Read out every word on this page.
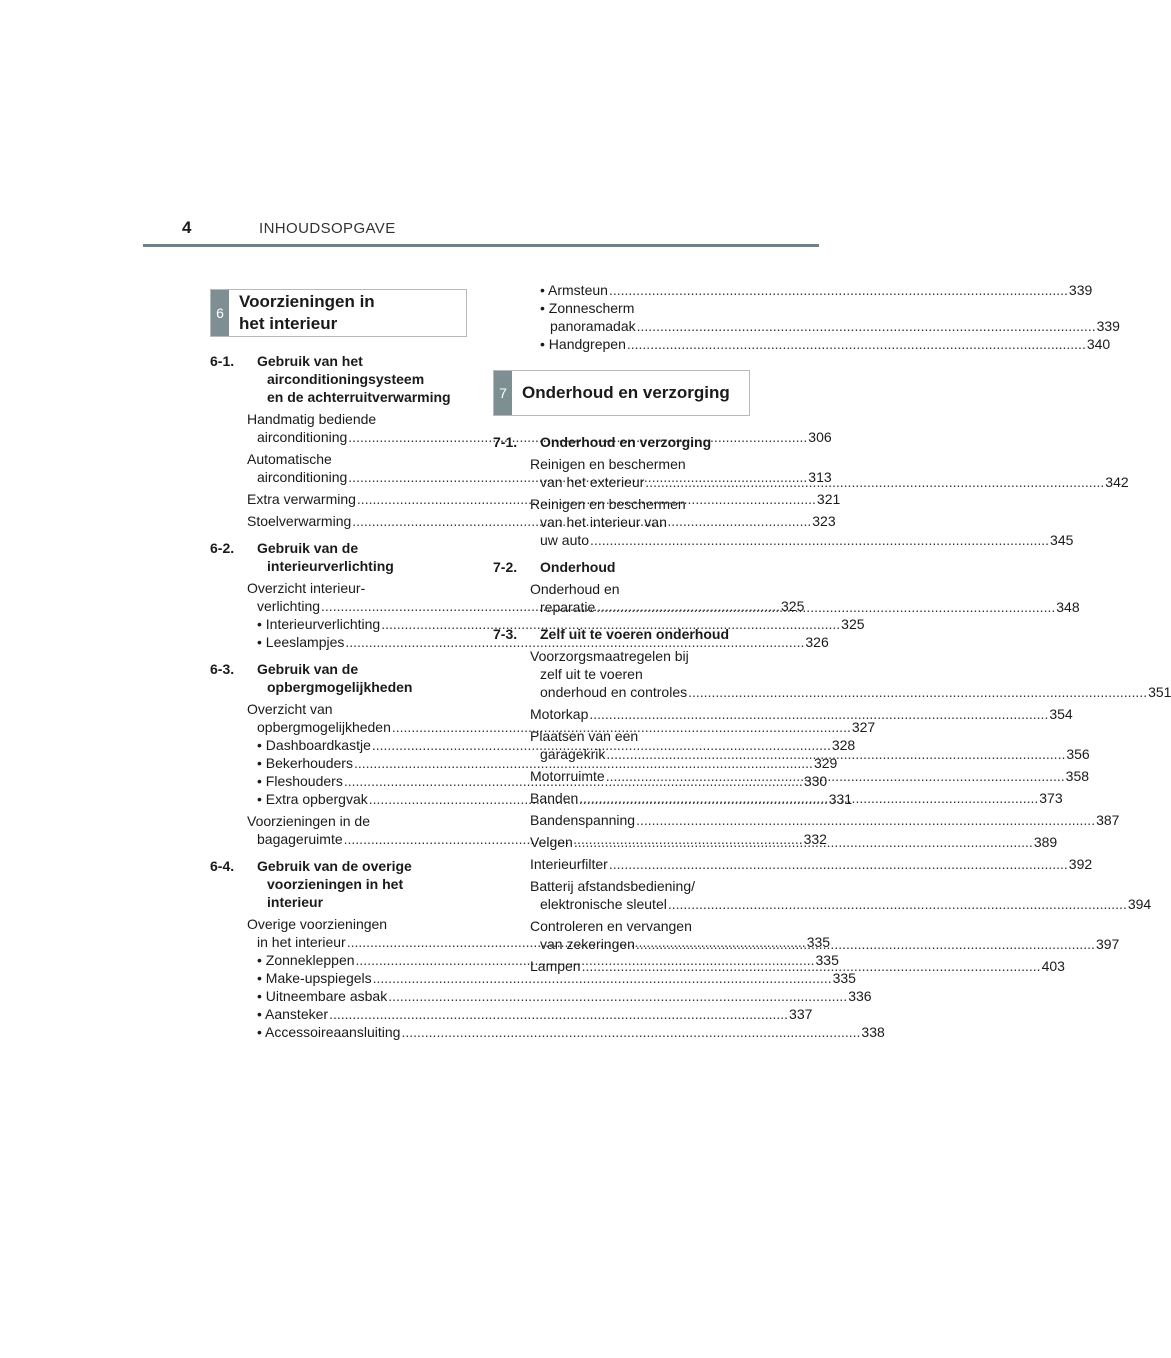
4	INHOUDSOPGAVE
6
Voorzieningen in
het interieur
7 Onderhoud en verzorging
6-1. Gebruik van het
airconditioningsysteem
en de achterruitverwarming
Handmatig bediende
airconditioning .....	306
Automatische
airconditioning .....	313
Extra verwarming .....	321
Stoelverwarming .....	323
6-2. Gebruik van de
interieurverlichting
Overzicht interieur-
verlichting .....	325
• Interieurverlichting .....	325
• Leeslampjes .....	326
6-3. Gebruik van de
opbergmogelijkheden
Overzicht van
opbergmogelijkheden .....	327
• Dashboardkastje .....	328
• Bekerhouders .....	329
• Fleshouders .....	330
• Extra opbergvak .....	331
Voorzieningen in de
bagageruimte .....	332
6-4. Gebruik van de overige
voorzieningen in het
interieur
Overige voorzieningen
in het interieur .....	335
• Zonnekleppen .....	335
• Make-upspiegels .....	335
• Uitneembare asbak .....	336
• Aansteker .....	337
• Accessoireaansluiting .....	338
• Armsteun .....	339
• Zonnescherm
panoramadak .....	339
• Handgrepen .....	340
7-1. Onderhoud en verzorging
Reinigen en beschermen
van het exterieur .....	342
Reinigen en beschermen
van het interieur van
uw auto .....	345
7-2. Onderhoud
Onderhoud en
reparatie .....	348
7-3. Zelf uit te voeren onderhoud
Voorzorgsmaatregelen bij
zelf uit te voeren
onderhoud en controles .....	351
Motorkap .....	354
Plaatsen van een
garagekrik .....	356
Motorruimte .....	358
Banden .....	373
Bandenspanning .....	387
Velgen .....	389
Interieurfilter .....	392
Batterij afstandsbediening/
elektronische sleutel .....	394
Controleren en vervangen
van zekeringen .....	397
Lampen .....	403
